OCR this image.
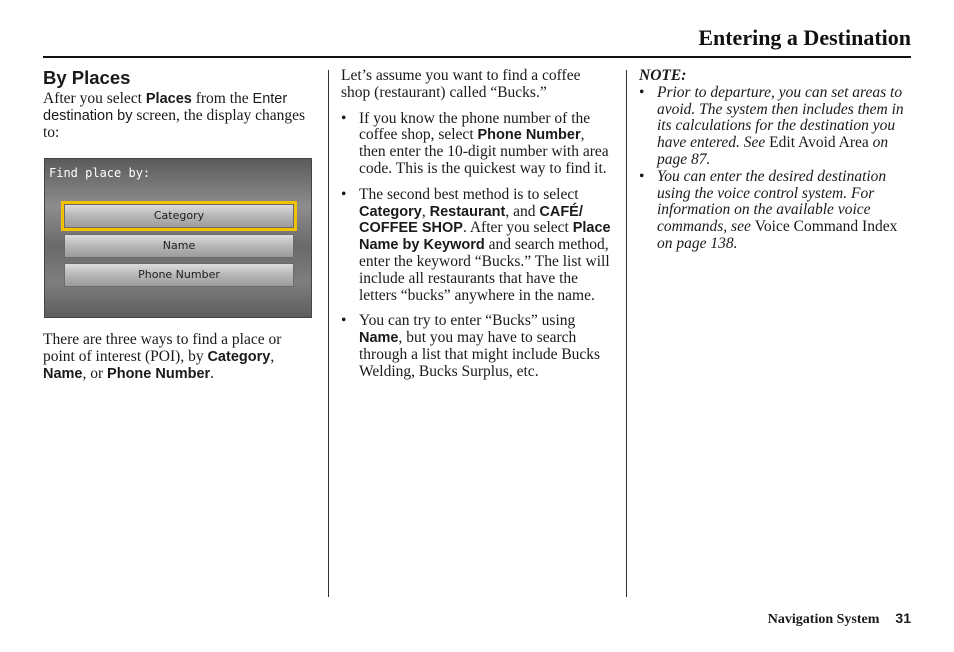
Entering a Destination
By Places

After you select Places from the Enter destination by screen, the display changes to:

Find place by:
Category
Name
Phone Number

There are three ways to find a place or point of interest (POI), by Category, Name, or Phone Number.

Let’s assume you want to find a coffee shop (restaurant) called “Bucks.”

• If you know the phone number of the coffee shop, select Phone Number, then enter the 10-digit number with area code. This is the quickest way to find it.
• The second best method is to select Category, Restaurant, and CAFÉ/ COFFEE SHOP. After you select Place Name by Keyword and search method, enter the keyword “Bucks.” The list will include all restaurants that have the letters “bucks” anywhere in the name.
• You can try to enter “Bucks” using Name, but you may have to search through a list that might include Bucks Welding, Bucks Surplus, etc.

NOTE:

• Prior to departure, you can set areas to avoid. The system then includes them in its calculations for the destination you have entered. See Edit Avoid Area on page 87.
• You can enter the desired destination using the voice control system. For information on the available voice commands, see Voice Command Index on page 138.
Navigation System 31
